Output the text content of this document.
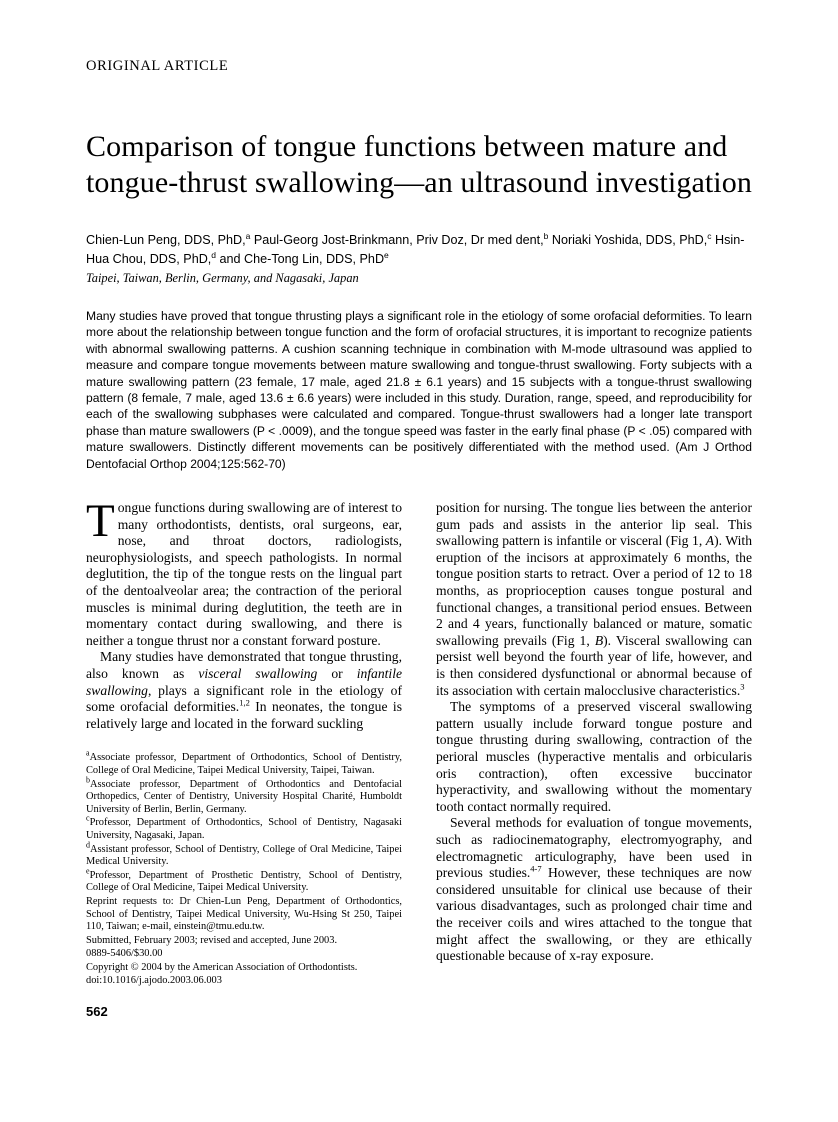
ORIGINAL ARTICLE
Comparison of tongue functions between mature and tongue-thrust swallowing—an ultrasound investigation
Chien-Lun Peng, DDS, PhD,$^a$ Paul-Georg Jost-Brinkmann, Priv Doz, Dr med dent,$^b$ Noriaki Yoshida, DDS, PhD,$^c$ Hsin-Hua Chou, DDS, PhD,$^d$ and Che-Tong Lin, DDS, PhD$^e$
Taipei, Taiwan, Berlin, Germany, and Nagasaki, Japan
Many studies have proved that tongue thrusting plays a significant role in the etiology of some orofacial deformities. To learn more about the relationship between tongue function and the form of orofacial structures, it is important to recognize patients with abnormal swallowing patterns. A cushion scanning technique in combination with M-mode ultrasound was applied to measure and compare tongue movements between mature swallowing and tongue-thrust swallowing. Forty subjects with a mature swallowing pattern (23 female, 17 male, aged 21.8 ± 6.1 years) and 15 subjects with a tongue-thrust swallowing pattern (8 female, 7 male, aged 13.6 ± 6.6 years) were included in this study. Duration, range, speed, and reproducibility for each of the swallowing subphases were calculated and compared. Tongue-thrust swallowers had a longer late transport phase than mature swallowers (P < .0009), and the tongue speed was faster in the early final phase (P < .05) compared with mature swallowers. Distinctly different movements can be positively differentiated with the method used. (Am J Orthod Dentofacial Orthop 2004;125:562-70)

Tongue functions during swallowing are of interest to many orthodontists, dentists, oral surgeons, ear, nose, and throat doctors, radiologists, neurophysiologists, and speech pathologists. In normal deglutition, the tip of the tongue rests on the lingual part of the dentoalveolar area; the contraction of the perioral muscles is minimal during deglutition, the teeth are in momentary contact during swallowing, and there is neither a tongue thrust nor a constant forward posture.

Many studies have demonstrated that tongue thrusting, also known as visceral swallowing or infantile swallowing, plays a significant role in the etiology of some orofacial deformities.$^{1,2}$ In neonates, the tongue is relatively large and located in the forward suckling

$^a$Associate professor, Department of Orthodontics, School of Dentistry, College of Oral Medicine, Taipei Medical University, Taipei, Taiwan.

$^b$Associate professor, Department of Orthodontics and Dentofacial Orthopedics, Center of Dentistry, University Hospital Charité, Humboldt University of Berlin, Berlin, Germany.

$^c$Professor, Department of Orthodontics, School of Dentistry, Nagasaki University, Nagasaki, Japan.

$^d$Assistant professor, School of Dentistry, College of Oral Medicine, Taipei Medical University.

$^e$Professor, Department of Prosthetic Dentistry, School of Dentistry, College of Oral Medicine, Taipei Medical University.

Reprint requests to: Dr Chien-Lun Peng, Department of Orthodontics, School of Dentistry, Taipei Medical University, Wu-Hsing St 250, Taipei 110, Taiwan; e-mail, einstein@tmu.edu.tw.

Submitted, February 2003; revised and accepted, June 2003.

0889-5406/$30.00

Copyright © 2004 by the American Association of Orthodontists.

doi:10.1016/j.ajodo.2003.06.003

562

position for nursing. The tongue lies between the anterior gum pads and assists in the anterior lip seal. This swallowing pattern is infantile or visceral (Fig 1, A). With eruption of the incisors at approximately 6 months, the tongue position starts to retract. Over a period of 12 to 18 months, as proprioception causes tongue postural and functional changes, a transitional period ensues. Between 2 and 4 years, functionally balanced or mature, somatic swallowing prevails (Fig 1, B). Visceral swallowing can persist well beyond the fourth year of life, however, and is then considered dysfunctional or abnormal because of its association with certain malocclusive characteristics.$^3$

The symptoms of a preserved visceral swallowing pattern usually include forward tongue posture and tongue thrusting during swallowing, contraction of the perioral muscles (hyperactive mentalis and orbicularis oris contraction), often excessive buccinator hyperactivity, and swallowing without the momentary tooth contact normally required.

Several methods for evaluation of tongue movements, such as radiocinematography, electromyography, and electromagnetic articulography, have been used in previous studies.$^{4-7}$ However, these techniques are now considered unsuitable for clinical use because of their various disadvantages, such as prolonged chair time and the receiver coils and wires attached to the tongue that might affect the swallowing, or they are ethically questionable because of x-ray exposure.
